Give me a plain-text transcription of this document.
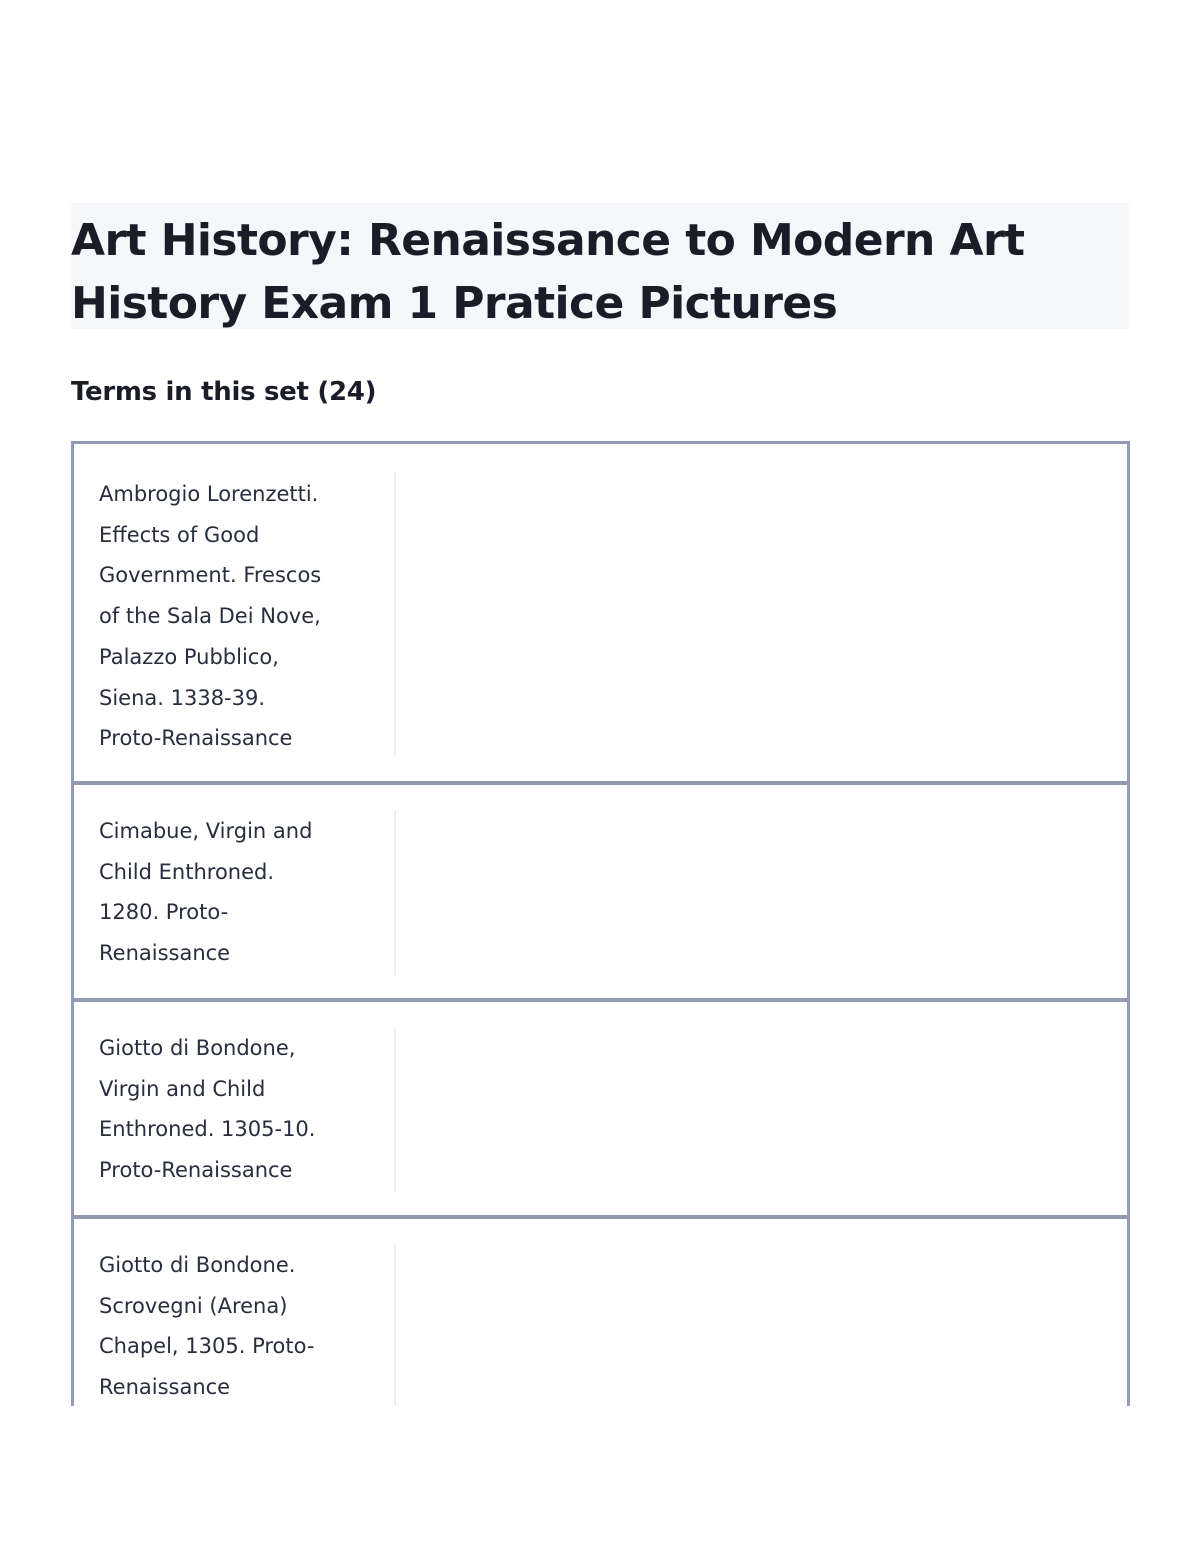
Art History: Renaissance to Modern Art
History Exam 1 Pratice Pictures
Terms in this set (24)

Ambrogio Lorenzetti.
Effects of Good
Government. Frescos
of the Sala Dei Nove,
Palazzo Pubblico,
Siena. 1338-39.
Proto-Renaissance

Cimabue, Virgin and
Child Enthroned.
1280. Proto-
Renaissance

Giotto di Bondone,
Virgin and Child
Enthroned. 1305-10.
Proto-Renaissance

Giotto di Bondone.
Scrovegni (Arena)
Chapel, 1305. Proto-
Renaissance
